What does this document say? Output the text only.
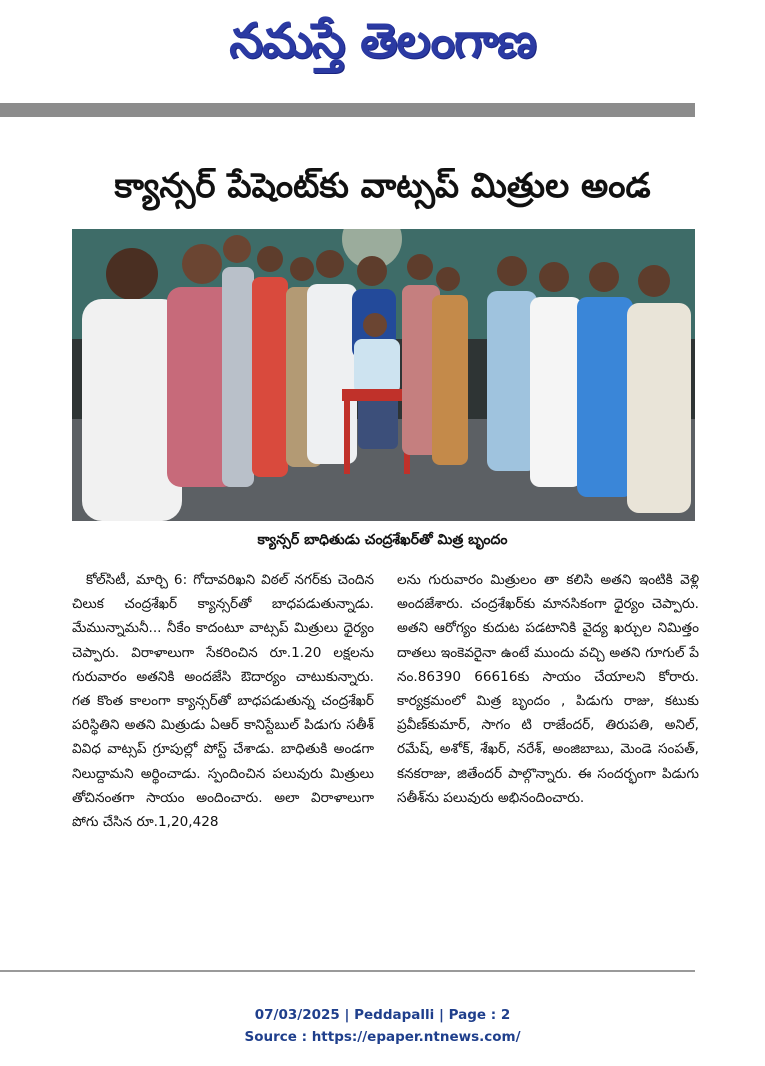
నమస్తే తెలంగాణ
క్యాన్సర్ పేషెంట్‌కు వాట్సప్ మిత్రుల అండ
క్యాన్సర్ బాధితుడు చంద్రశేఖర్‌తో మిత్ర బృందం
కోల్‌సిటీ, మార్చి 6: గోదావరిఖని విఠల్ నగర్‌కు చెందిన చిలుక చంద్రశేఖర్ క్యాన్సర్‌తో బాధపడుతున్నాడు. మేమున్నామనీ... నీకేం కాదంటూ వాట్సప్ మిత్రులు ధైర్యం చెప్పారు. విరాళాలుగా సేకరించిన రూ.1.20 లక్షలను గురువారం అతనికి అందజేసి ఔదార్యం చాటుకున్నారు. గత కొంత కాలంగా క్యాన్సర్‌తో బాధపడుతున్న చంద్రశేఖర్ పరిస్థితిని అతని మిత్రుడు ఏఆర్ కానిస్టేబుల్ పిడుగు సతీశ్ వివిధ వాట్సప్ గ్రూపుల్లో పోస్ట్ చేశాడు. బాధితుకి అండగా నిలుద్దామని అర్థించాడు. స్పందించిన పలువురు మిత్రులు తోచినంతగా సాయం అందించారు. అలా విరాళాలుగా పోగు చేసిన రూ.1,20,428
లను గురువారం మిత్రులం తా కలిసి అతని ఇంటికి వెళ్లి అందజేశారు. చంద్రశేఖర్‌కు మానసికంగా ధైర్యం చెప్పారు. అతని ఆరోగ్యం కుదుట పడటానికి వైద్య ఖర్చుల నిమిత్తం దాతలు ఇంకెవరైనా ఉంటే ముందు వచ్చి అతని గూగుల్ పే నం.86390 66616కు సాయం చేయాలని కోరారు. కార్యక్రమంలో మిత్ర బృందం , పిడుగు రాజు, కటుకు ప్రవీణ్‌కుమార్, సాగం టి రాజేందర్, తిరుపతి, అనిల్, రమేష్, అశోక్, శేఖర్, నరేశ్, అంజిబాబు, మెండె సంపత్, కనకరాజు, జితేందర్ పాల్గొన్నారు. ఈ సందర్భంగా పిడుగు సతీశ్‌ను పలువురు అభినందించారు.
07/03/2025 | Peddapalli | Page : 2
Source : https://epaper.ntnews.com/
